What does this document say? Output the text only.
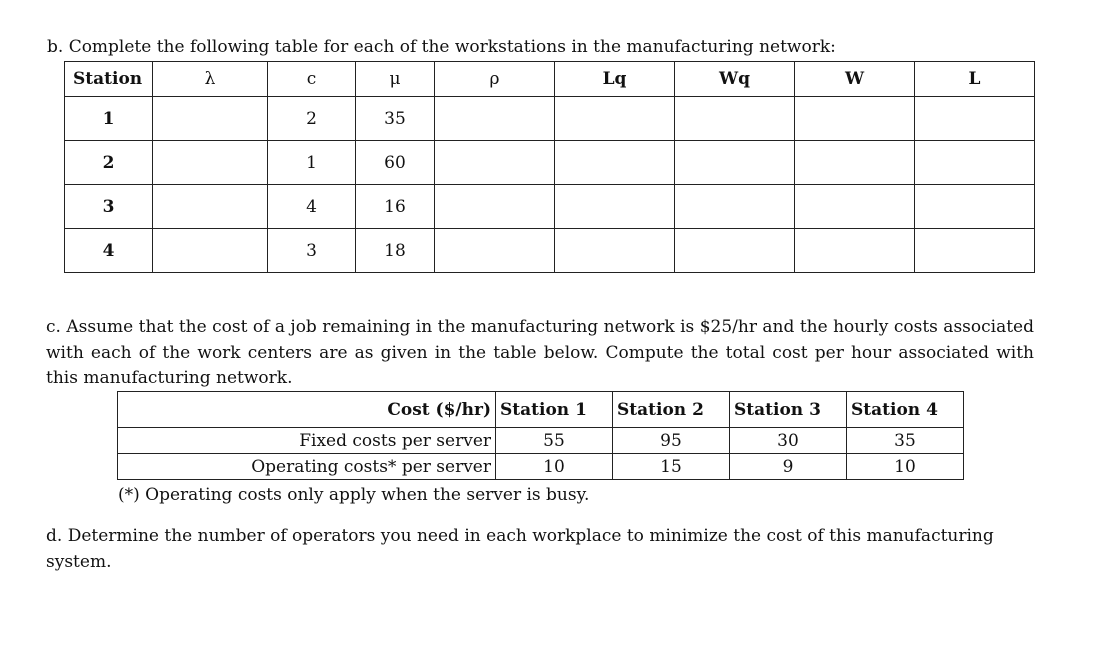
b. Complete the following table for each of the workstations in the manufacturing network:

Station	λ	c	μ	ρ	Lq	Wq	W	L
1		2	35					
2		1	60					
3		4	16					
4		3	18					

c. Assume that the cost of a job remaining in the manufacturing network is $25/hr and the hourly costs associated with each of the work centers are as given in the table below. Compute the total cost per hour associated with this manufacturing network.

Cost ($/hr)	Station 1	Station 2	Station 3	Station 4
Fixed costs per server	55	95	30	35
Operating costs* per server	10	15	9	10
(*) Operating costs only apply when the server is busy.

d. Determine the number of operators you need in each workplace to minimize the cost of this manufacturing system.
